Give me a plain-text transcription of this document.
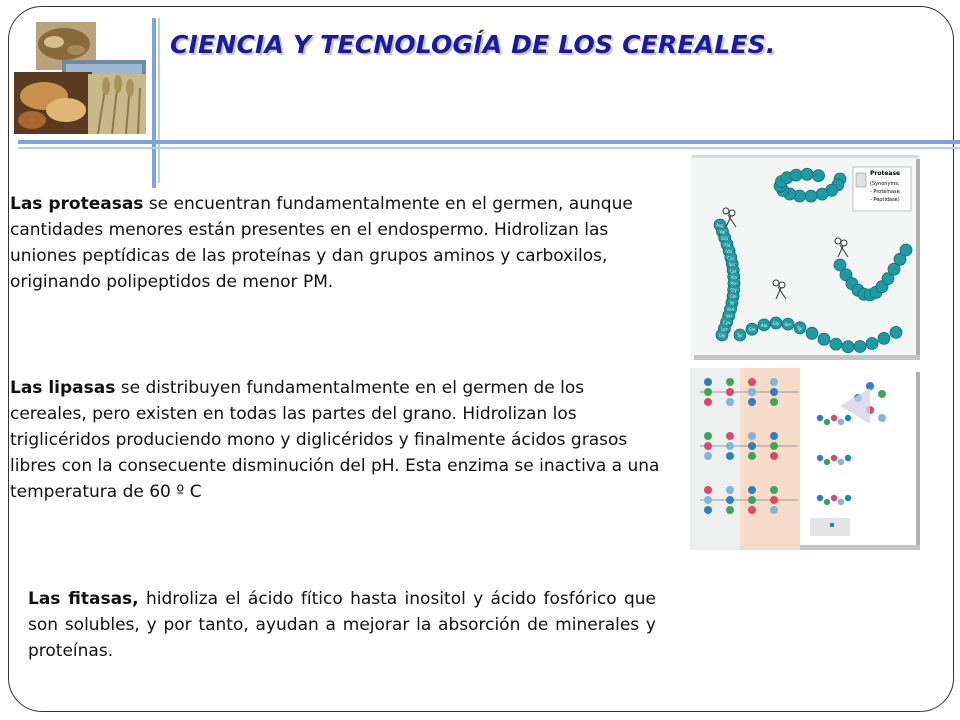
CIENCIA Y TECNOLOGÍA DE LOS CEREALES.

Las proteasas se encuentran fundamentalmente en el germen, aunque cantidades menores están presentes en el endospermo. Hidrolizan las uniones peptídicas de las proteínas y dan grupos aminos y carboxilos, originando polipeptidos de menor PM.

Las lipasas se distribuyen fundamentalmente en el germen de los cereales, pero existen en todas las partes del grano. Hidrolizan los triglicéridos produciendo mono y diglicéridos y finalmente ácidos grasos libres con la consecuente disminución del pH. Esta enzima se inactiva a una temperatura de 60 º C

Las fitasas, hidroliza el ácido fítico hasta inositol y ácido fosfórico que son solubles, y por tanto, ayudan a mejorar la absorción de minerales y proteínas.

Asp
Val
Gln
Ala
Val
Cys
Ser
Lys
Ala
Asn
Gly
Gln
Ile
Asn
Val
Cys
Lys
Gly	Tyr
Gln
Ala Gly Ser
Tyr
Protease
(Synonyms:
- Proteinase
- Peptidase)
